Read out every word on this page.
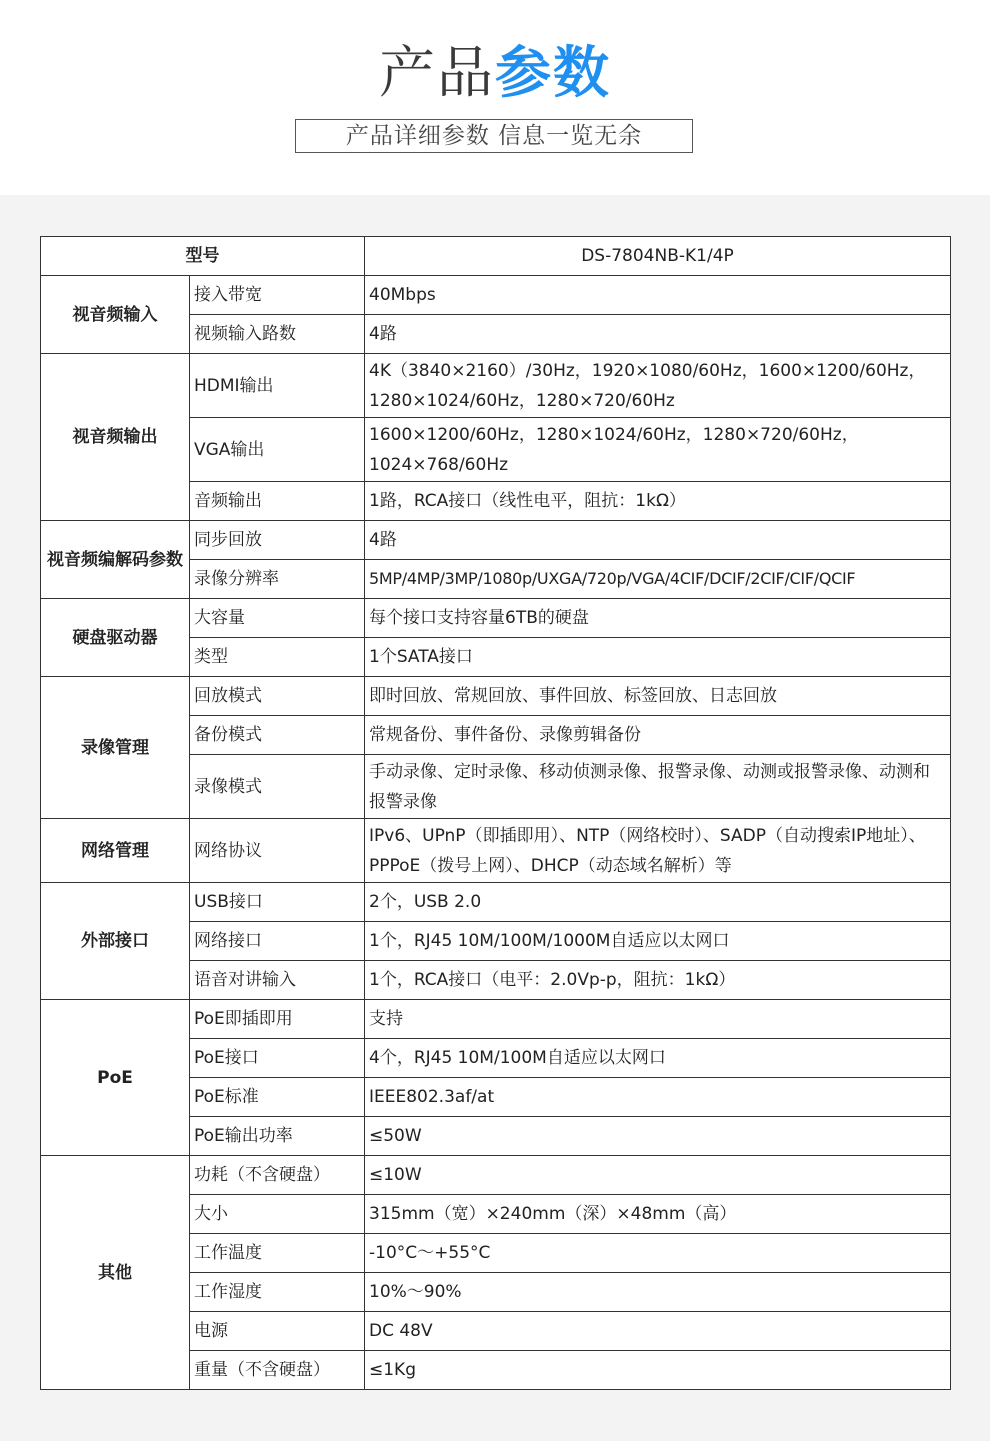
产品参数
产品详细参数 信息一览无余
型号		DS-7804NB-K1/4P
视音频输入	接入带宽	40Mbps
	视频输入路数	4路
视音频输出	HDMI输出	4K（3840×2160）/30Hz，1920×1080/60Hz，1600×1200/60Hz，1280×1024/60Hz，1280×720/60Hz
	VGA输出	1600×1200/60Hz，1280×1024/60Hz，1280×720/60Hz，1024×768/60Hz
	音频输出	1路，RCA接口（线性电平，阻抗：1kΩ）
视音频编解码参数	同步回放	4路
	录像分辨率	5MP/4MP/3MP/1080p/UXGA/720p/VGA/4CIF/DCIF/2CIF/CIF/QCIF
硬盘驱动器	大容量	每个接口支持容量6TB的硬盘
	类型	1个SATA接口
录像管理	回放模式	即时回放、常规回放、事件回放、标签回放、日志回放
	备份模式	常规备份、事件备份、录像剪辑备份
	录像模式	手动录像、定时录像、移动侦测录像、报警录像、动测或报警录像、动测和报警录像
网络管理	网络协议	IPv6、UPnP（即插即用）、NTP（网络校时）、SADP（自动搜索IP地址）、PPPoE（拨号上网）、DHCP（动态域名解析）等
外部接口	USB接口	2个，USB 2.0
	网络接口	1个，RJ45 10M/100M/1000M自适应以太网口
	语音对讲输入	1个，RCA接口（电平：2.0Vp-p，阻抗：1kΩ）
PoE	PoE即插即用	支持
	PoE接口	4个，RJ45 10M/100M自适应以太网口
	PoE标准	IEEE802.3af/at
	PoE输出功率	≤50W
其他	功耗（不含硬盘）	≤10W
	大小	315mm（宽）×240mm（深）×48mm（高）
	工作温度	-10°C～+55°C
	工作湿度	10%～90%
	电源	DC 48V
	重量（不含硬盘）	≤1Kg
